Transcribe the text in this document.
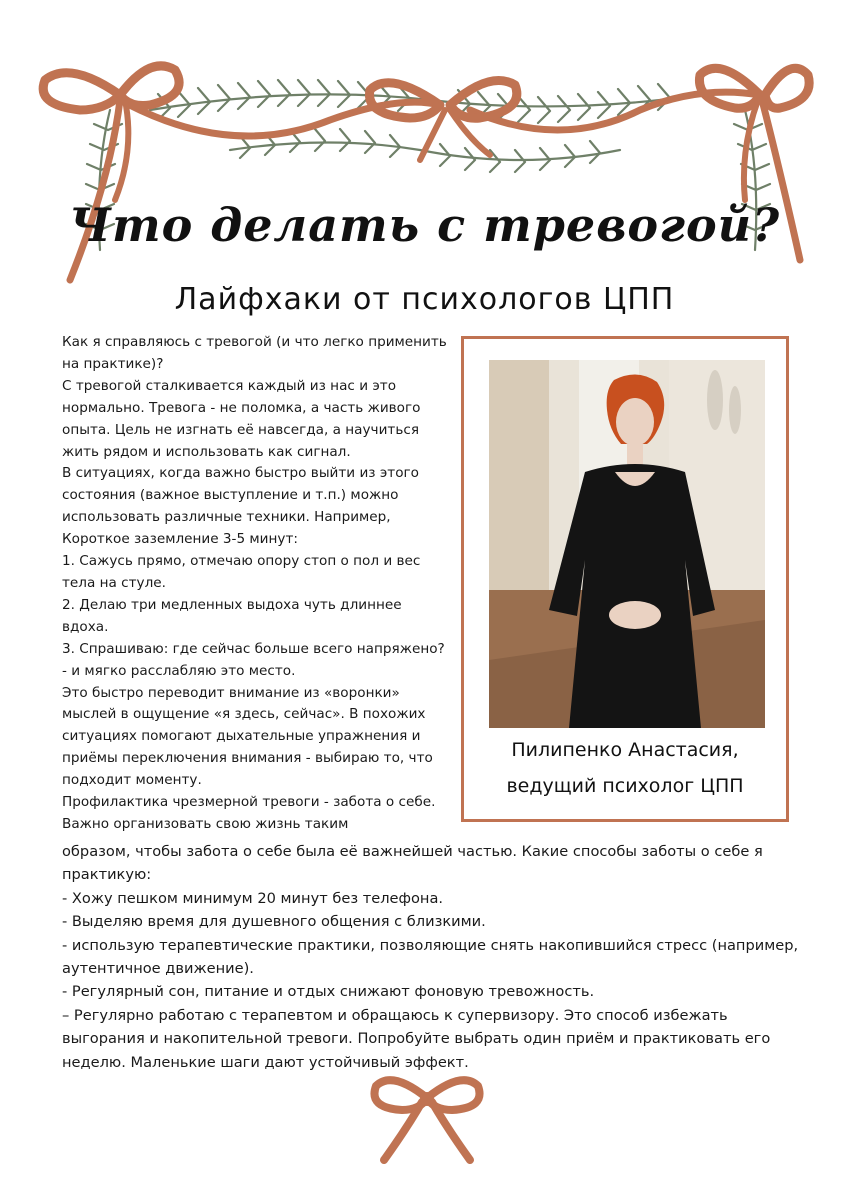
Что делать с тревогой?
Лайфхаки от психологов ЦПП

Как я справляюсь с тревогой (и что легко применить на практике)?

С тревогой сталкивается каждый из нас и это нормально. Тревога - не поломка, а часть живого опыта. Цель не изгнать её навсегда, а научиться жить рядом и использовать как сигнал.

В ситуациях, когда важно быстро выйти из этого состояния (важное выступление и т.п.) можно использовать различные техники. Например,

Короткое заземление 3-5 минут:

1. Сажусь прямо, отмечаю опору стоп о пол и вес тела на стуле.

2. Делаю три медленных выдоха чуть длиннее вдоха.

3. Спрашиваю: где сейчас больше всего напряжено? - и мягко расслабляю это место.

Это быстро переводит внимание из «воронки» мыслей в ощущение «я здесь, сейчас». В похожих ситуациях помогают дыхательные упражнения и приёмы переключения внимания - выбираю то, что подходит моменту.

Профилактика чрезмерной тревоги - забота о себе. Важно организовать свою жизнь таким

Пилипенко Анастасия,
ведущий психолог ЦПП

образом, чтобы забота о себе была её важнейшей частью. Какие способы заботы о себе я практикую:

- Хожу пешком минимум 20 минут без телефона.

- Выделяю время для душевного общения с близкими.

- использую терапевтические практики, позволяющие снять накопившийся стресс (например, аутентичное движение).

- Регулярный сон, питание и отдых снижают фоновую тревожность.

– Регулярно работаю с терапевтом и обращаюсь к супервизору. Это способ избежать выгорания и накопительной тревоги. Попробуйте выбрать один приём и практиковать его неделю. Маленькие шаги дают устойчивый эффект.
